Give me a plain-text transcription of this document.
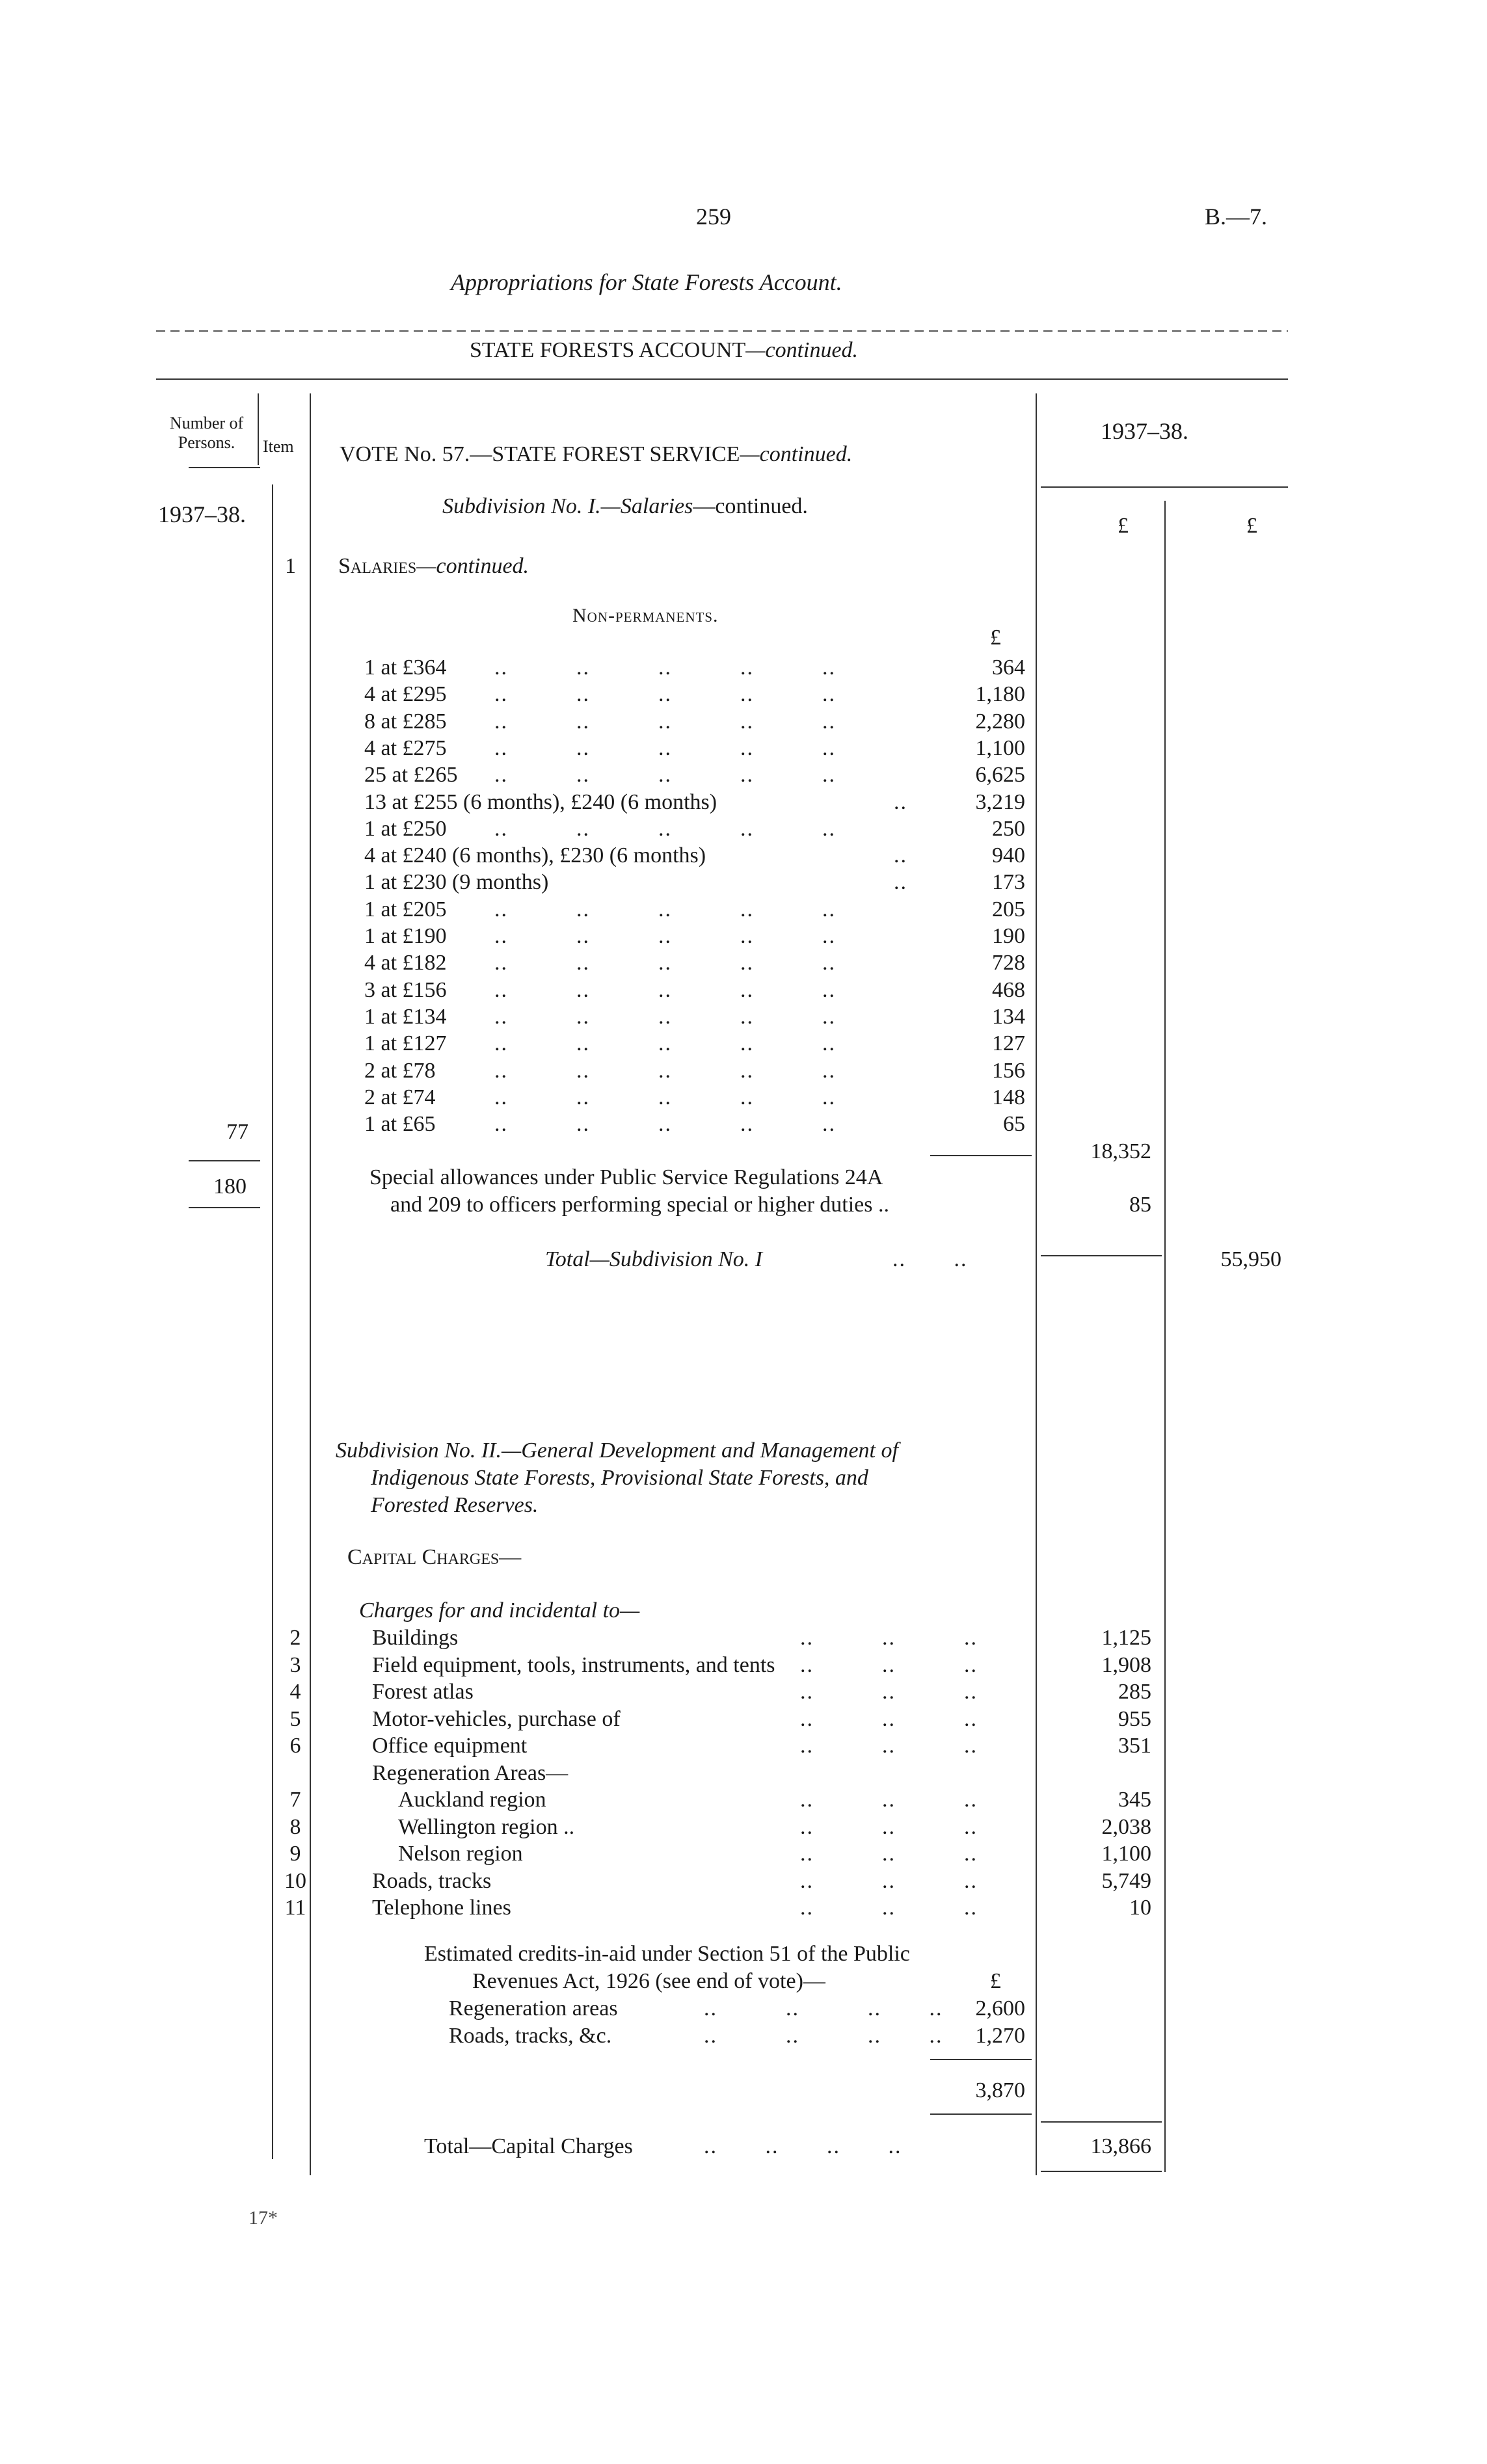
259	B.—7.
Appropriations for State Forests Account.
STATE FORESTS ACCOUNT—continued.
Number of Persons.	Item VOTE No. 57.—STATE FOREST SERVICE—continued.
1937–38.
1937–38.	£	£
Subdivision No. I.—Salaries—continued.
1 Salaries—continued.
Non-permanents.
£
1 at £364 ..          ..          ..          ..          ..	364
4 at £295 ..          ..          ..          ..          ..	1,180
8 at £285 ..          ..          ..          ..          ..	2,280
4 at £275 ..          ..          ..          ..          ..	1,100
25 at £265 ..          ..          ..          ..          ..	6,625
13 at £255 (6 months), £240 (6 months)	..	3,219
1 at £250 ..          ..          ..          ..          ..	250
4 at £240 (6 months), £230 (6 months)	..	940
1 at £230 (9 months)	..	173
1 at £205 ..          ..          ..          ..          ..	205
1 at £190 ..          ..          ..          ..          ..	190
4 at £182 ..          ..          ..          ..          ..	728
3 at £156 ..          ..          ..          ..          ..	468
1 at £134 ..          ..          ..          ..          ..	134
1 at £127 ..          ..          ..          ..          ..	127
2 at £78	..          ..          ..          ..          ..	156
2 at £74	..          ..          ..          ..          ..	148
1 at £65	..          ..          ..          ..          ..	65
77
18,352
180	Special allowances under Public Service Regulations 24A
and 209 to officers performing special or higher duties ..	85
Total—Subdivision No. I	..       ..	55,950
Subdivision No. II.—General Development and Management of
Indigenous State Forests, Provisional State Forests, and
Forested Reserves.
Capital Charges—
Charges for and incidental to—
2	Buildings	..          ..          ..	1,125
3	Field equipment, tools, instruments, and tents ..          ..          ..	1,908
4	Forest atlas	..          ..          ..	285
5	Motor-vehicles, purchase of	..          ..          ..	955
6	Office equipment	..          ..          ..	351
Regeneration Areas—
7	Auckland region	..          ..          ..	345
8	Wellington region ..	..          ..          ..	2,038
9	Nelson region	..          ..          ..	1,100
10	Roads, tracks	..          ..          ..	5,749
11	Telephone lines	..          ..          ..	10
Estimated credits-in-aid under Section 51 of the Public
Revenues Act, 1926 (see end of vote)—	£
Regeneration areas	..          ..          ..       ..	2,600
Roads, tracks, &c.	..          ..          ..       ..	1,270
3,870
Total—Capital Charges	..       ..       ..       ..	13,866
17*
